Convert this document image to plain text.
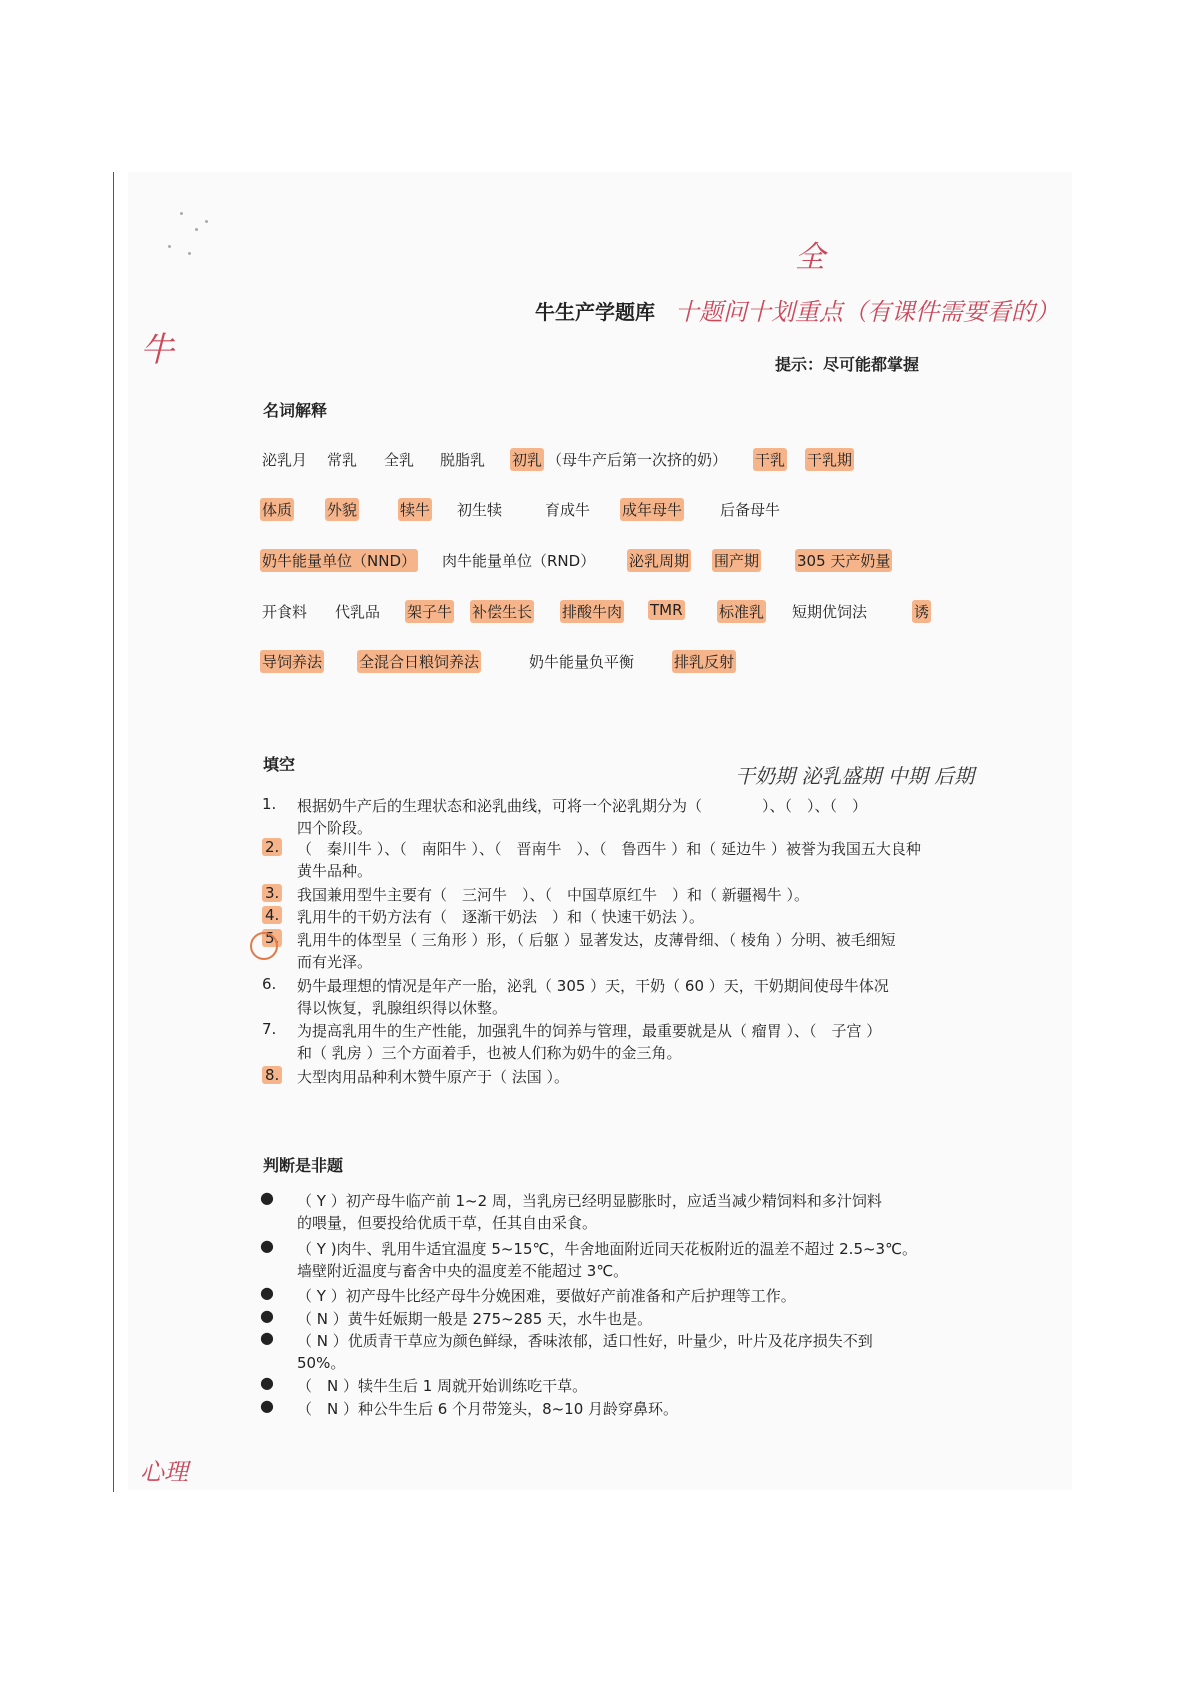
全
十题问十划重点（有课件需要看的）
牛
心理
干奶期 泌乳盛期 中期 后期
牛生产学题库
提示：尽可能都掌握
名词解释
泌乳月 常乳 全乳 脱脂乳 初乳 （母牛产后第一次挤的奶） 干乳 干乳期
体质 外貌	犊牛 初生犊	育成牛 成年母牛	后备母牛
奶牛能量单位（NND） 肉牛能量单位（RND） 泌乳周期 围产期	305 天产奶量
开食料 代乳品 架子牛 补偿生长 排酸牛肉 TMR 标准乳 短期优饲法	诱
导饲养法 全混合日粮饲养法	奶牛能量负平衡	排乳反射
填空
1. 根据奶牛产后的生理状态和泌乳曲线，可将一个泌乳期分为（　　　　）、（　）、（　）
四个阶段。
2. （　秦川牛 ）、（　南阳牛 ）、（　晋南牛　）、（　鲁西牛 ）和（ 延边牛 ）被誉为我国五大良种
黄牛品种。
3. 我国兼用型牛主要有（　三河牛　）、（　中国草原红牛　）和（ 新疆褐牛 ）。
4. 乳用牛的干奶方法有（　逐渐干奶法　）和（ 快速干奶法 ）。
5. 乳用牛的体型呈（ 三角形 ）形，（ 后躯 ）显著发达，皮薄骨细、（ 棱角 ）分明、被毛细短
而有光泽。
6. 奶牛最理想的情况是年产一胎，泌乳（ 305 ）天，干奶（ 60 ）天，干奶期间使母牛体况
得以恢复，乳腺组织得以休整。
7. 为提高乳用牛的生产性能，加强乳牛的饲养与管理，最重要就是从（ 瘤胃 ）、（　子宫 ）
和（ 乳房 ）三个方面着手，也被人们称为奶牛的金三角。
8. 大型肉用品种利木赞牛原产于（ 法国 ）。
判断是非题
● （ Y ）初产母牛临产前 1~2 周，当乳房已经明显膨胀时，应适当减少精饲料和多汁饲料
的喂量，但要投给优质干草，任其自由采食。
● （ Y )肉牛、乳用牛适宜温度 5~15℃，牛舍地面附近同天花板附近的温差不超过 2.5~3℃。
墙壁附近温度与畜舍中央的温度差不能超过 3℃。
● （ Y ）初产母牛比经产母牛分娩困难，要做好产前准备和产后护理等工作。
● （ N ）黄牛妊娠期一般是 275~285 天，水牛也是。
● （ N ）优质青干草应为颜色鲜绿，香味浓郁，适口性好，叶量少，叶片及花序损失不到
50%。
● （　N ）犊牛生后 1 周就开始训练吃干草。
● （　N ）种公牛生后 6 个月带笼头，8~10 月龄穿鼻环。
